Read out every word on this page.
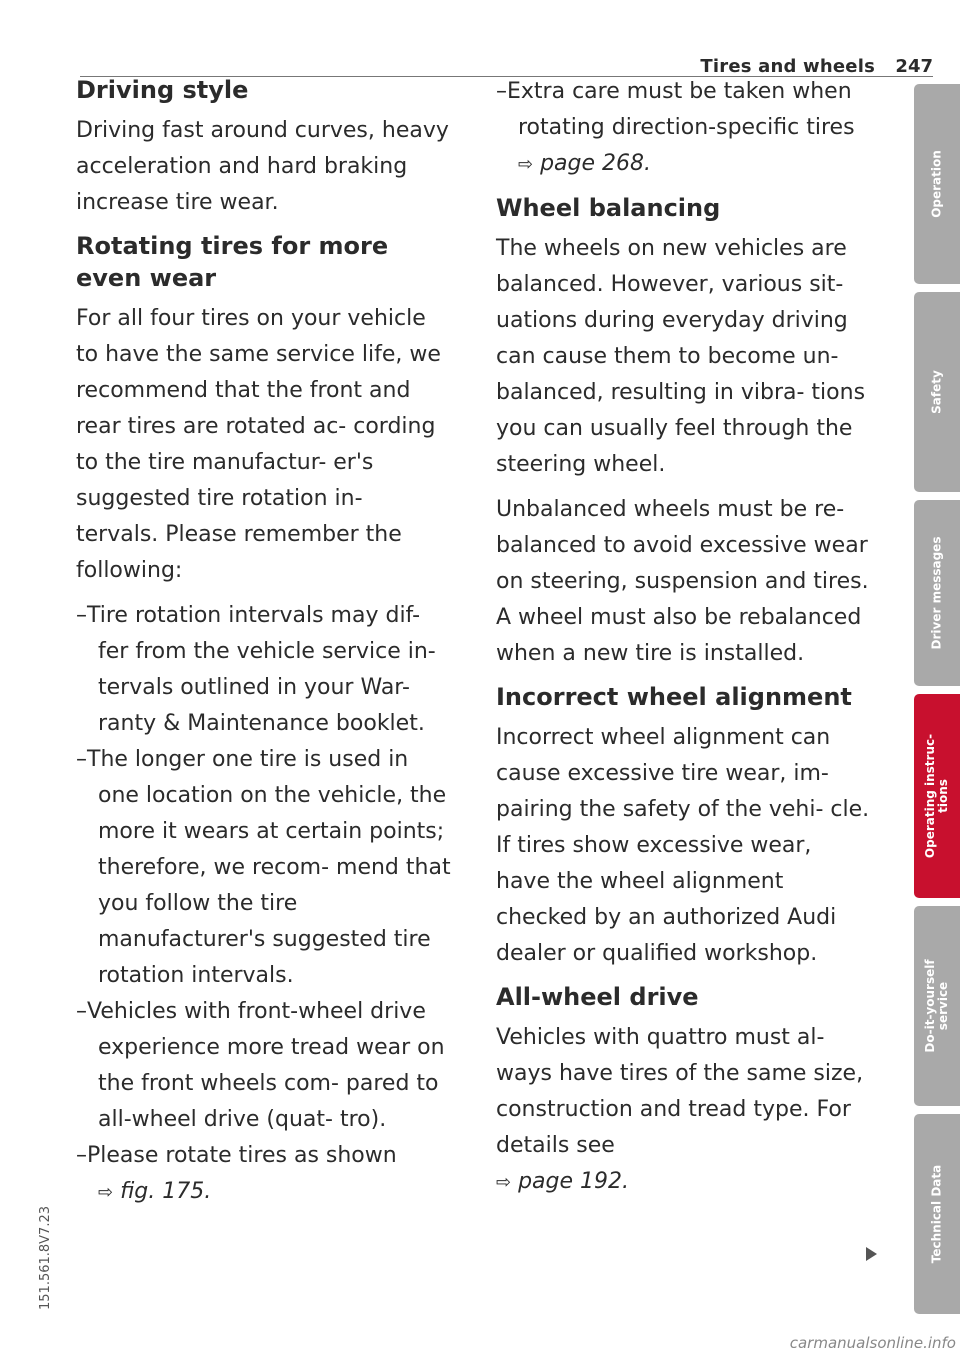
Tires and wheels 247
Driving style
Driving fast around curves, heavy acceleration and hard braking increase tire wear.
Rotating tires for more even wear
For all four tires on your vehicle to have the same service life, we recommend that the front and rear tires are rotated ac- cording to the tire manufactur- er's suggested tire rotation in- tervals. Please remember the following:
–Tire rotation intervals may dif- fer from the vehicle service in- tervals outlined in your War- ranty & Maintenance booklet.
–The longer one tire is used in one location on the vehicle, the more it wears at certain points; therefore, we recom- mend that you follow the tire manufacturer's suggested tire rotation intervals.
–Vehicles with front-wheel drive experience more tread wear on the front wheels com- pared to all-wheel drive (quat- tro).
–Please rotate tires as shown
⇨ fig. 175.
–Extra care must be taken when rotating direction-specific tires ⇨ page 268.
Wheel balancing
The wheels on new vehicles are balanced. However, various sit- uations during everyday driving can cause them to become un- balanced, resulting in vibra- tions you can usually feel through the steering wheel.
Unbalanced wheels must be re- balanced to avoid excessive wear on steering, suspension and tires. A wheel must also be rebalanced when a new tire is installed.
Incorrect wheel alignment
Incorrect wheel alignment can cause excessive tire wear, im- pairing the safety of the vehi- cle. If tires show excessive wear, have the wheel alignment checked by an authorized Audi dealer or qualified workshop.
All-wheel drive
Vehicles with quattro must al- ways have tires of the same size, construction and tread type. For details see
⇨ page 192.
Operation
Safety
Driver messages
Operating instruc-
tions
Do-it-yourself
service
Technical Data
151.561.8V7.23
carmanualsonline.info
